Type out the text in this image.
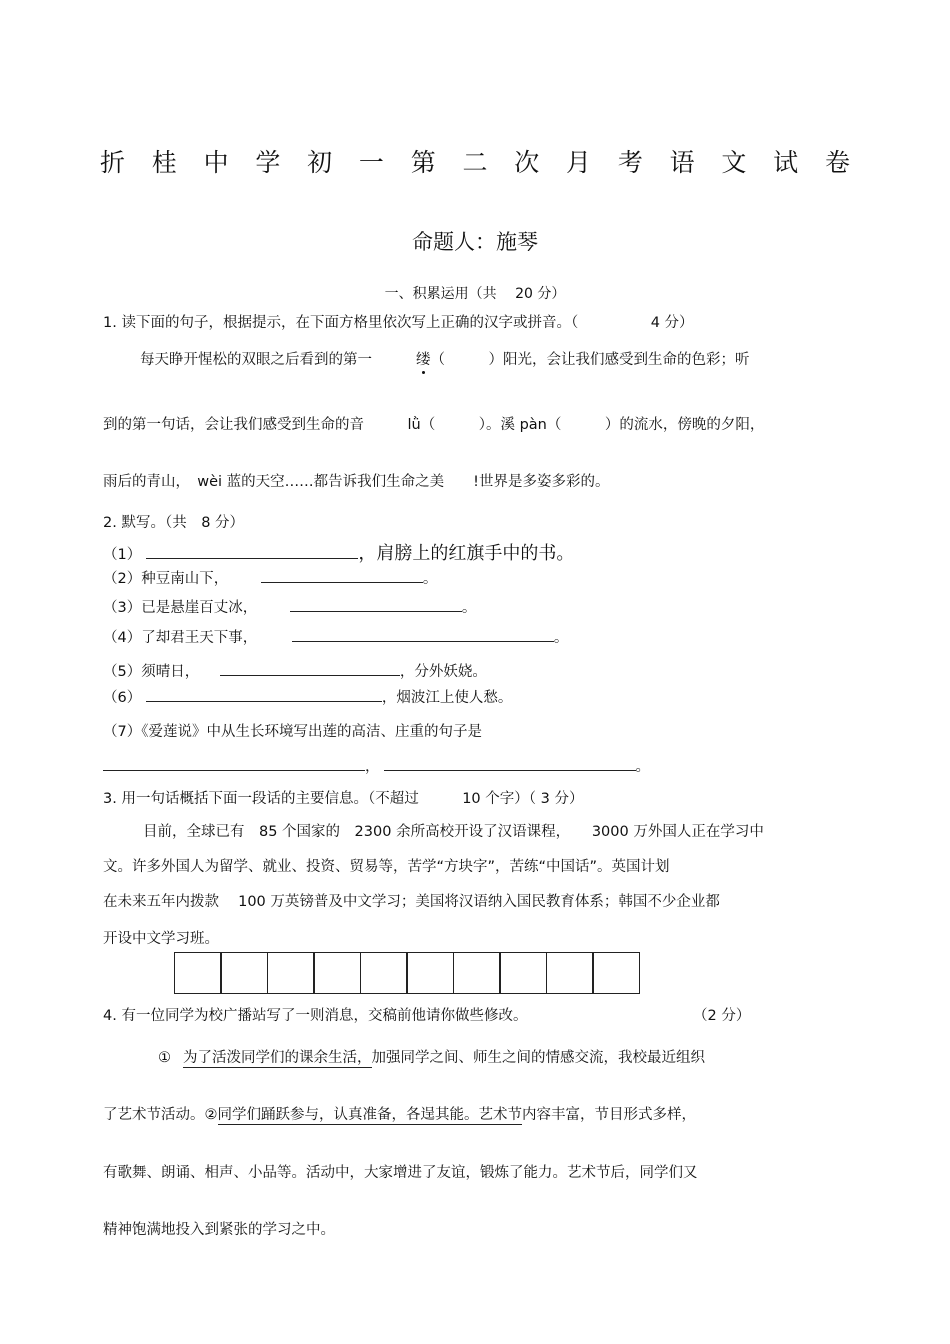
折 桂 中 学 初 一 第 二 次 月 考 语 文 试 卷
命题人：施琴
一、积累运用（共　 20 分）
1. 读下面的句子，根据提示，在下面方格里依次写上正确的汉字或拼音。（　　　　　4 分）
每天睁开惺松的双眼之后看到的第一	缕（　　　）阳光，会让我们感受到生命的色彩；听
到的第一句话，会让我们感受到生命的音　　　lǜ（　　　）。溪 pàn（　　　）的流水，傍晚的夕阳，
雨后的青山，　wèi 蓝的天空……都告诉我们生命之美　　!世界是多姿多彩的。
2. 默写。（共　8 分）
（1）	，肩膀上的红旗手中的书。
（2）种豆南山下，	。
（3）已是悬崖百丈冰，	。
（4）了却君王天下事，	。
（5）须晴日，	，分外妖娆。
（6）	，烟波江上使人愁。
（7）《爱莲说》中从生长环境写出莲的高洁、庄重的句子是
，	。
3. 用一句话概括下面一段话的主要信息。（不超过　　　10 个字）（ 3 分）
目前，全球已有　85 个国家的　2300 余所高校开设了汉语课程，　　3000 万外国人正在学习中
文。许多外国人为留学、就业、投资、贸易等，苦学“方块字”，苦练“中国话”。英国计划
在未来五年内拨款　 100 万英镑普及中文学习；美国将汉语纳入国民教育体系；韩国不少企业都
开设中文学习班。
4. 有一位同学为校广播站写了一则消息，交稿前他请你做些修改。	（2 分）
① 为了活泼同学们的课余生活，加强同学之间、师生之间的情感交流，我校最近组织
了艺术节活动。②同学们踊跃参与，认真准备，各逞其能。艺术节内容丰富，节目形式多样，
有歌舞、朗诵、相声、小品等。活动中，大家增进了友谊，锻炼了能力。艺术节后，同学们又
精神饱满地投入到紧张的学习之中。
